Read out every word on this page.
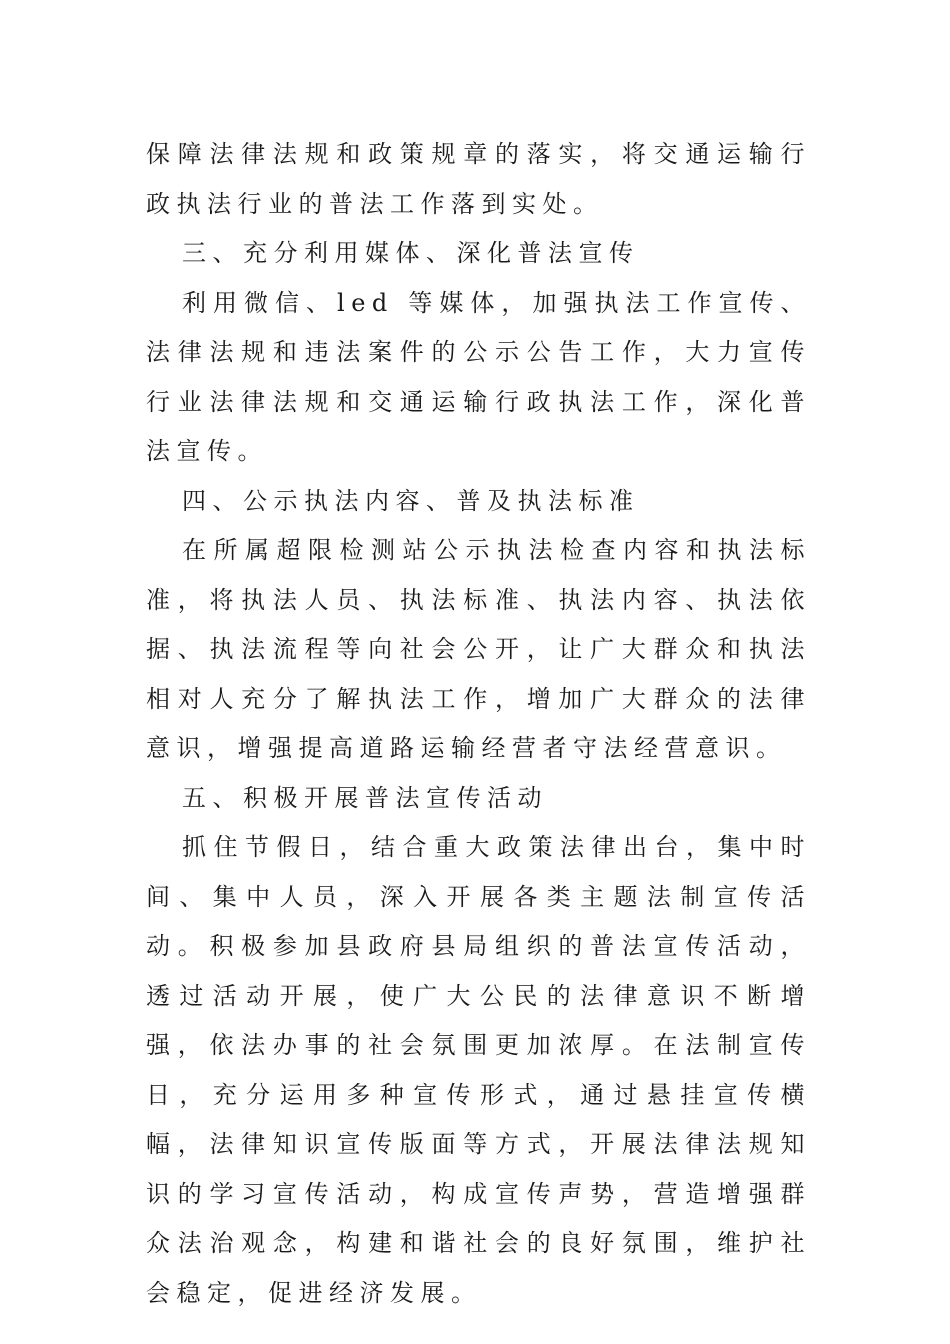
保障法律法规和政策规章的落实，将交通运输行政执法行业的普法工作落到实处。

三、充分利用媒体、深化普法宣传

利用微信、led 等媒体，加强执法工作宣传、法律法规和违法案件的公示公告工作，大力宣传行业法律法规和交通运输行政执法工作，深化普法宣传。

四、公示执法内容、普及执法标准

在所属超限检测站公示执法检查内容和执法标准，将执法人员、执法标准、执法内容、执法依据、执法流程等向社会公开，让广大群众和执法相对人充分了解执法工作，增加广大群众的法律意识，增强提高道路运输经营者守法经营意识。

五、积极开展普法宣传活动

抓住节假日，结合重大政策法律出台，集中时间、集中人员，深入开展各类主题法制宣传活动。积极参加县政府县局组织的普法宣传活动，透过活动开展，使广大公民的法律意识不断增强，依法办事的社会氛围更加浓厚。在法制宣传日，充分运用多种宣传形式，通过悬挂宣传横幅，法律知识宣传版面等方式，开展法律法规知识的学习宣传活动，构成宣传声势，营造增强群众法治观念，构建和谐社会的良好氛围，维护社会稳定，促进经济发展。
